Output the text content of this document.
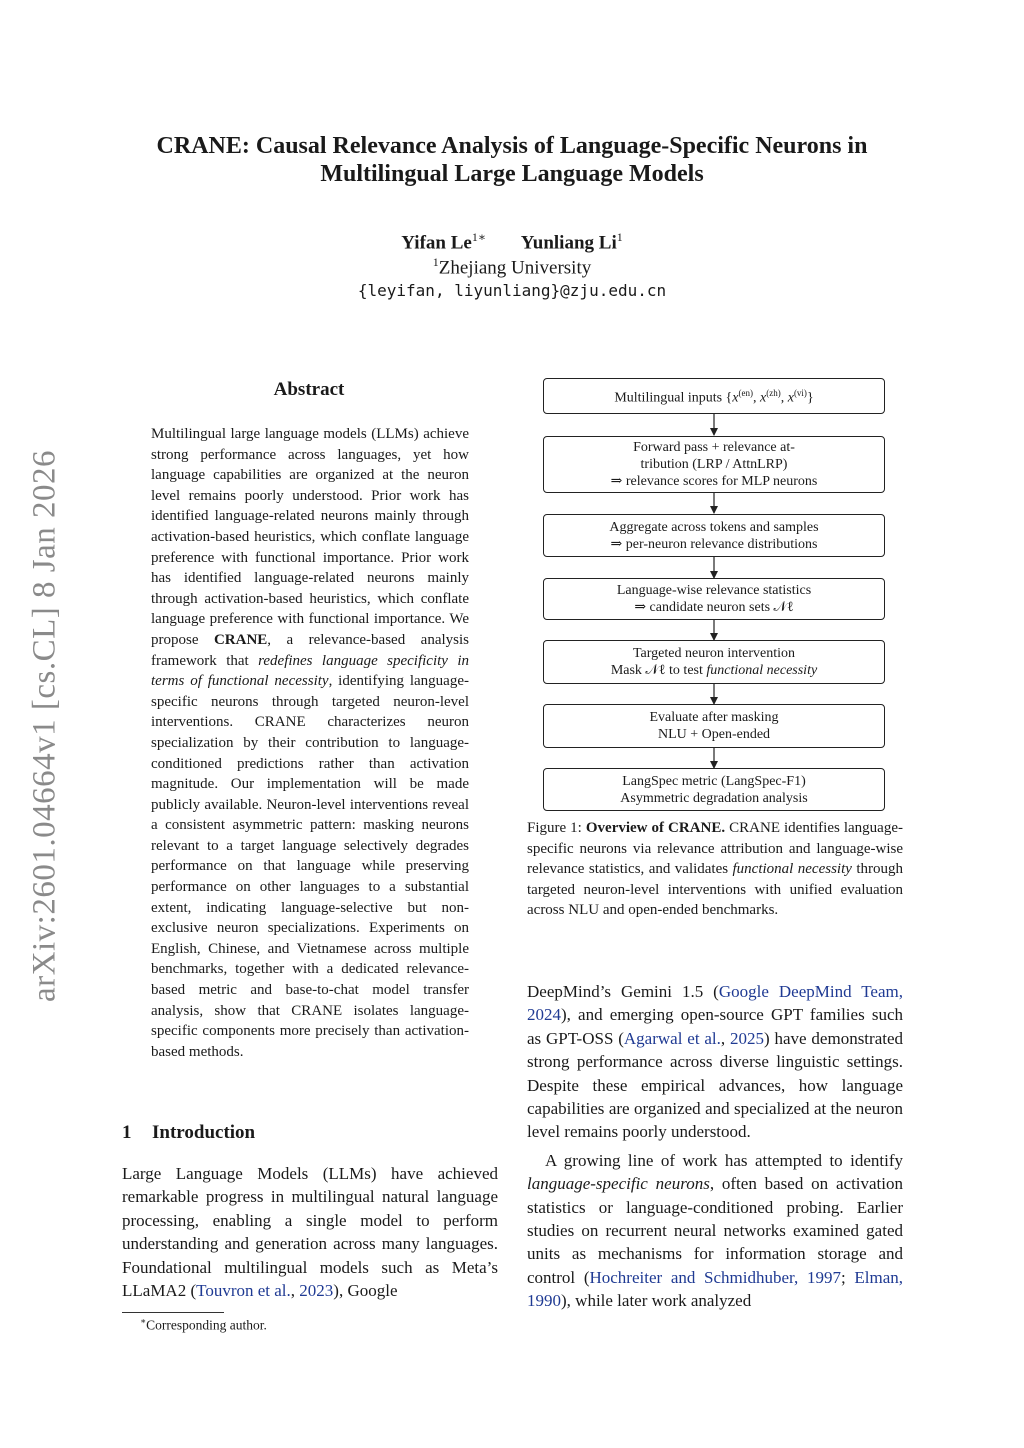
arXiv:2601.04664v1 [cs.CL] 8 Jan 2026
CRANE: Causal Relevance Analysis of Language-Specific Neurons in
Multilingual Large Language Models
Yifan $Le^{1∗}$ Yunliang Li$^1$
$^1$Zhejiang University
{leyifan, liyunliang}@zju.edu.cn
Abstract
Multilingual large language models (LLMs) achieve strong performance across languages, yet how language capabilities are organized at the neuron level remains poorly understood. Prior work has identified language-related neurons mainly through activation-based heuristics, which conflate language preference with functional importance. Prior work has identified language-related neurons mainly through activation-based heuristics, which conflate language preference with functional importance. We propose CRANE, a relevance-based analysis framework that redefines language specificity in terms of functional necessity, identifying language-specific neurons through targeted neuron-level interventions. CRANE characterizes neuron specialization by their contribution to language-conditioned predictions rather than activation magnitude. Our implementation will be made publicly available. Neuron-level interventions reveal a consistent asymmetric pattern: masking neurons relevant to a target language selectively degrades performance on that language while preserving performance on other languages to a substantial extent, indicating language-selective but non-exclusive neuron specializations. Experiments on English, Chinese, and Vietnamese across multiple benchmarks, together with a dedicated relevance-based metric and base-to-chat model transfer analysis, show that CRANE isolates language-specific components more precisely than activation-based methods.
1 Introduction
Large Language Models (LLMs) have achieved remarkable progress in multilingual natural language processing, enabling a single model to perform understanding and generation across many languages. Foundational multilingual models such as Meta’s LLaMA2 (Touvron et al., 2023), Google
∗Corresponding author.
Multilingual inputs {$x^{(en)}$, $x^{(zh)}$, $x^{(vi)}$}
Forward pass + relevance at-
tribution (LRP / AttnLRP)
⇒ relevance scores for MLP neurons
Aggregate across tokens and samples
⇒ per-neuron relevance distributions
Language-wise relevance statistics
⇒ candidate neuron sets 𝒩ℓ
Targeted neuron intervention
Mask 𝒩ℓ to test functional necessity
Evaluate after masking
NLU + Open-ended
LangSpec metric (LangSpec-F1)
Asymmetric degradation analysis
Figure 1: Overview of CRANE. CRANE identifies language-specific neurons via relevance attribution and language-wise relevance statistics, and validates functional necessity through targeted neuron-level interventions with unified evaluation across NLU and open-ended benchmarks.

DeepMind’s Gemini 1.5 (Google DeepMind Team, 2024), and emerging open-source GPT families such as GPT-OSS (Agarwal et al., 2025) have demonstrated strong performance across diverse linguistic settings. Despite these empirical advances, how language capabilities are organized and specialized at the neuron level remains poorly understood.

A growing line of work has attempted to identify language-specific neurons, often based on activation statistics or language-conditioned probing. Earlier studies on recurrent neural networks examined gated units as mechanisms for information storage and control (Hochreiter and Schmidhuber, 1997; Elman, 1990), while later work analyzed
